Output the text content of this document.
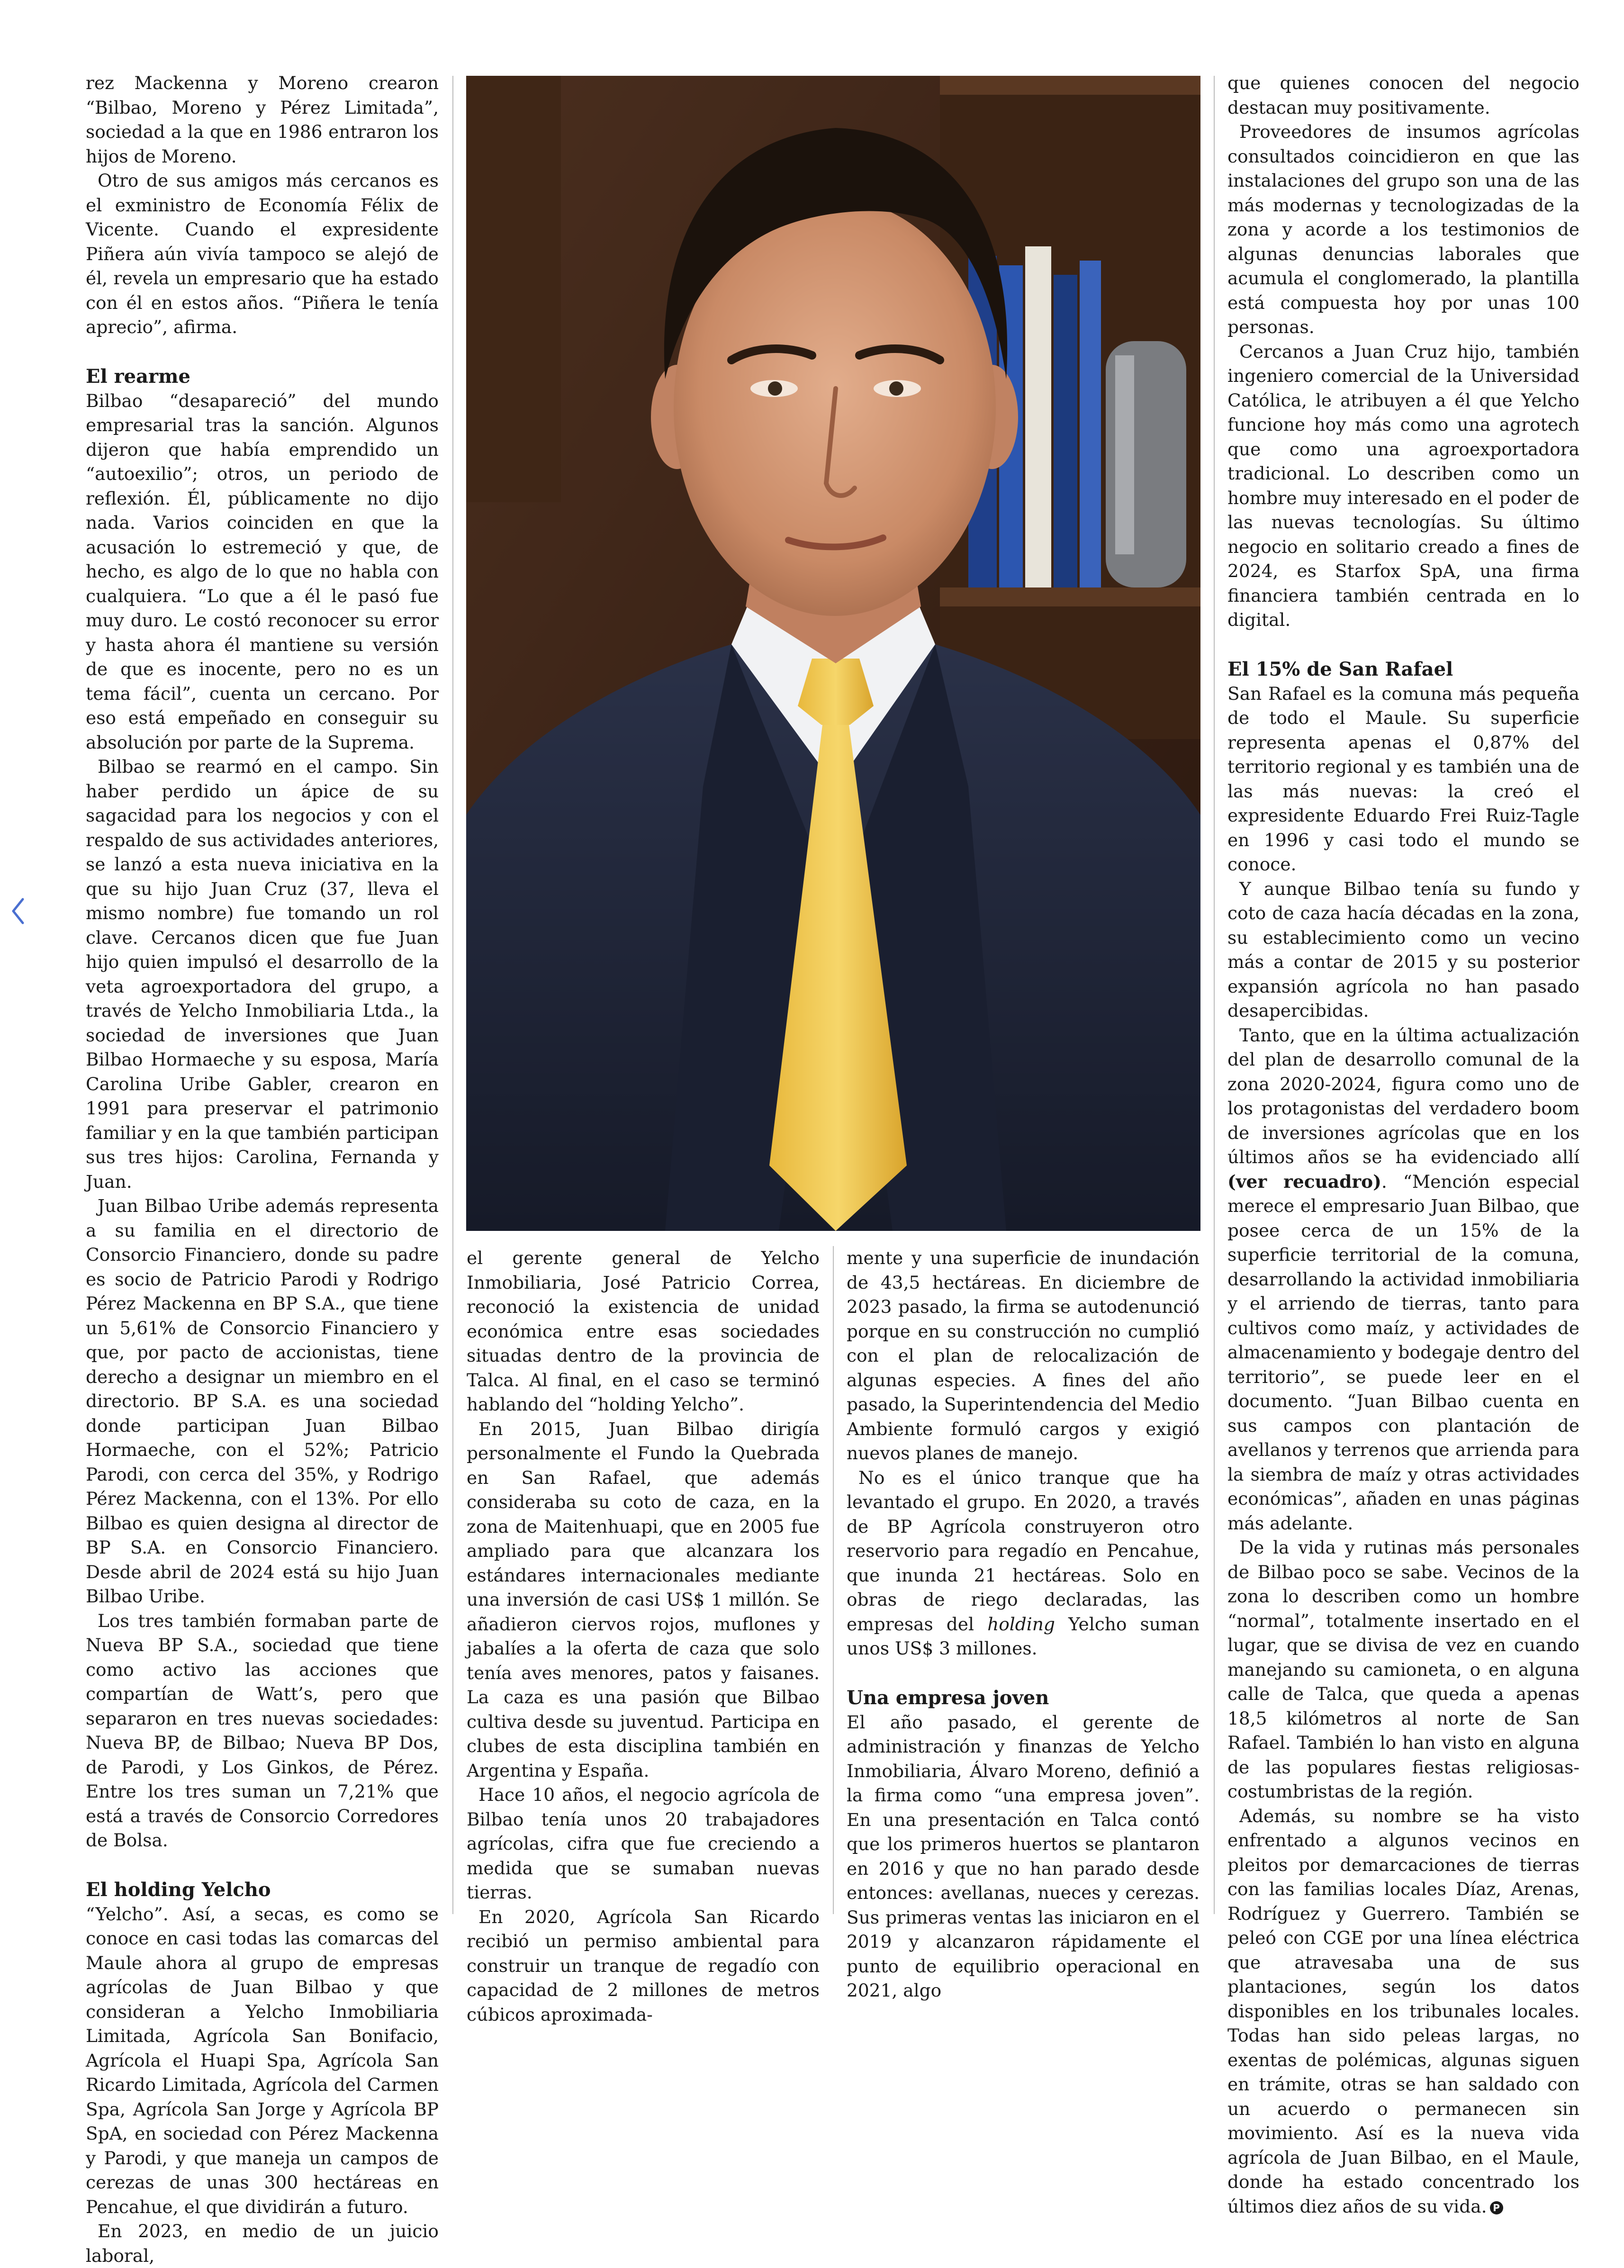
rez Mackenna y Moreno crearon “Bilbao, Moreno y Pérez Limitada”, sociedad a la que en 1986 entraron los hijos de Moreno.

Otro de sus amigos más cercanos es el exministro de Economía Félix de Vicente. Cuando el expresidente Piñera aún vivía tampoco se alejó de él, revela un empresario que ha estado con él en estos años. “Piñera le tenía aprecio”, afirma.

El rearme

Bilbao “desapareció” del mundo empresarial tras la sanción. Algunos dijeron que había emprendido un “autoexilio”; otros, un periodo de reflexión. Él, públicamente no dijo nada. Varios coinciden en que la acusación lo estremeció y que, de hecho, es algo de lo que no habla con cualquiera. “Lo que a él le pasó fue muy duro. Le costó reconocer su error y hasta ahora él mantiene su versión de que es inocente, pero no es un tema fácil”, cuenta un cercano. Por eso está empeñado en conseguir su absolución por parte de la Suprema.

Bilbao se rearmó en el campo. Sin haber perdido un ápice de su sagacidad para los negocios y con el respaldo de sus actividades anteriores, se lanzó a esta nueva iniciativa en la que su hijo Juan Cruz (37, lleva el mismo nombre) fue tomando un rol clave. Cercanos dicen que fue Juan hijo quien impulsó el desarrollo de la veta agroexportadora del grupo, a través de Yelcho Inmobiliaria Ltda., la sociedad de inversiones que Juan Bilbao Hormaeche y su esposa, María Carolina Uribe Gabler, crearon en 1991 para preservar el patrimonio familiar y en la que también participan sus tres hijos: Carolina, Fernanda y Juan.

Juan Bilbao Uribe además representa a su familia en el directorio de Consorcio Financiero, donde su padre es socio de Patricio Parodi y Rodrigo Pérez Mackenna en BP S.A., que tiene un 5,61% de Consorcio Financiero y que, por pacto de accionistas, tiene derecho a designar un miembro en el directorio. BP S.A. es una sociedad donde participan Juan Bilbao Hormaeche, con el 52%; Patricio Parodi, con cerca del 35%, y Rodrigo Pérez Mackenna, con el 13%. Por ello Bilbao es quien designa al director de BP S.A. en Consorcio Financiero. Desde abril de 2024 está su hijo Juan Bilbao Uribe.

Los tres también formaban parte de Nueva BP S.A., sociedad que tiene como activo las acciones que compartían de Watt’s, pero que separaron en tres nuevas sociedades: Nueva BP, de Bilbao; Nueva BP Dos, de Parodi, y Los Ginkos, de Pérez. Entre los tres suman un 7,21% que está a través de Consorcio Corredores de Bolsa.

El holding Yelcho

“Yelcho”. Así, a secas, es como se conoce en casi todas las comarcas del Maule ahora al grupo de empresas agrícolas de Juan Bilbao y que consideran a Yelcho Inmobiliaria Limitada, Agrícola San Bonifacio, Agrícola el Huapi Spa, Agrícola San Ricardo Limitada, Agrícola del Carmen Spa, Agrícola San Jorge y Agrícola BP SpA, en sociedad con Pérez Mackenna y Parodi, y que maneja un campos de cerezas de unas 300 hectáreas en Pencahue, el que dividirán a futuro.

En 2023, en medio de un juicio laboral,

el gerente general de Yelcho Inmobiliaria, José Patricio Correa, reconoció la existencia de unidad económica entre esas sociedades situadas dentro de la provincia de Talca. Al final, en el caso se terminó hablando del “holding Yelcho”.

En 2015, Juan Bilbao dirigía personalmente el Fundo la Quebrada en San Rafael, que además consideraba su coto de caza, en la zona de Maitenhuapi, que en 2005 fue ampliado para que alcanzara los estándares internacionales mediante una inversión de casi US$ 1 millón. Se añadieron ciervos rojos, muflones y jabalíes a la oferta de caza que solo tenía aves menores, patos y faisanes. La caza es una pasión que Bilbao cultiva desde su juventud. Participa en clubes de esta disciplina también en Argentina y España.

Hace 10 años, el negocio agrícola de Bilbao tenía unos 20 trabajadores agrícolas, cifra que fue creciendo a medida que se sumaban nuevas tierras.

En 2020, Agrícola San Ricardo recibió un permiso ambiental para construir un tranque de regadío con capacidad de 2 millones de metros cúbicos aproximada-

mente y una superficie de inundación de 43,5 hectáreas. En diciembre de 2023 pasado, la firma se autodenunció porque en su construcción no cumplió con el plan de relocalización de algunas especies. A fines del año pasado, la Superintendencia del Medio Ambiente formuló cargos y exigió nuevos planes de manejo.

No es el único tranque que ha levantado el grupo. En 2020, a través de BP Agrícola construyeron otro reservorio para regadío en Pencahue, que inunda 21 hectáreas. Solo en obras de riego declaradas, las empresas del holding Yelcho suman unos US$ 3 millones.

Una empresa joven

El año pasado, el gerente de administración y finanzas de Yelcho Inmobiliaria, Álvaro Moreno, definió a la firma como “una empresa joven”. En una presentación en Talca contó que los primeros huertos se plantaron en 2016 y que no han parado desde entonces: avellanas, nueces y cerezas. Sus primeras ventas las iniciaron en el 2019 y alcanzaron rápidamente el punto de equilibrio operacional en 2021, algo

que quienes conocen del negocio destacan muy positivamente.

Proveedores de insumos agrícolas consultados coincidieron en que las instalaciones del grupo son una de las más modernas y tecnologizadas de la zona y acorde a los testimonios de algunas denuncias laborales que acumula el conglomerado, la plantilla está compuesta hoy por unas 100 personas.

Cercanos a Juan Cruz hijo, también ingeniero comercial de la Universidad Católica, le atribuyen a él que Yelcho funcione hoy más como una agrotech que como una agroexportadora tradicional. Lo describen como un hombre muy interesado en el poder de las nuevas tecnologías. Su último negocio en solitario creado a fines de 2024, es Starfox SpA, una firma financiera también centrada en lo digital.

El 15% de San Rafael

San Rafael es la comuna más pequeña de todo el Maule. Su superficie representa apenas el 0,87% del territorio regional y es también una de las más nuevas: la creó el expresidente Eduardo Frei Ruiz-Tagle en 1996 y casi todo el mundo se conoce.

Y aunque Bilbao tenía su fundo y coto de caza hacía décadas en la zona, su establecimiento como un vecino más a contar de 2015 y su posterior expansión agrícola no han pasado desapercibidas.

Tanto, que en la última actualización del plan de desarrollo comunal de la zona 2020-2024, figura como uno de los protagonistas del verdadero boom de inversiones agrícolas que en los últimos años se ha evidenciado allí (ver recuadro). “Mención especial merece el empresario Juan Bilbao, que posee cerca de un 15% de la superficie territorial de la comuna, desarrollando la actividad inmobiliaria y el arriendo de tierras, tanto para cultivos como maíz, y actividades de almacenamiento y bodegaje dentro del territorio”, se puede leer en el documento. “Juan Bilbao cuenta en sus campos con plantación de avellanos y terrenos que arrienda para la siembra de maíz y otras actividades económicas”, añaden en unas páginas más adelante.

De la vida y rutinas más personales de Bilbao poco se sabe. Vecinos de la zona lo describen como un hombre “normal”, totalmente insertado en el lugar, que se divisa de vez en cuando manejando su camioneta, o en alguna calle de Talca, que queda a apenas 18,5 kilómetros al norte de San Rafael. También lo han visto en alguna de las populares fiestas religiosas-costumbristas de la región.

Además, su nombre se ha visto enfrentado a algunos vecinos en pleitos por demarcaciones de tierras con las familias locales Díaz, Arenas, Rodríguez y Guerrero. También se peleó con CGE por una línea eléctrica que atravesaba una de sus plantaciones, según los datos disponibles en los tribunales locales. Todas han sido peleas largas, no exentas de polémicas, algunas siguen en trámite, otras se han saldado con un acuerdo o permanecen sin movimiento. Así es la nueva vida agrícola de Juan Bilbao, en el Maule, donde ha estado concentrado los últimos diez años de su vida. P
